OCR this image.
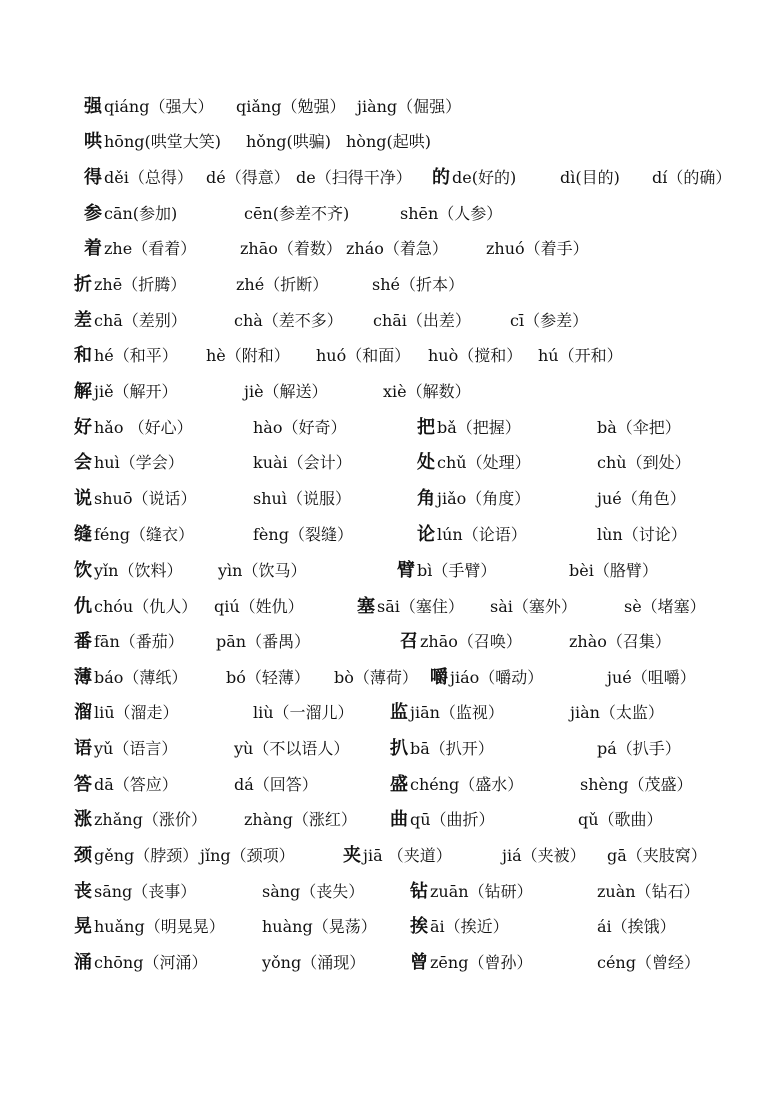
强 qiáng（强大） qiǎng（勉强） jiàng（倔强）
哄 hōng(哄堂大笑) hǒng(哄骗) hòng(起哄)
得 děi（总得） dé（得意） de（扫得干净） 的 de(好的)	dì(目的) dí（的确）
参 cān(参加)	cēn(参差不齐)	shēn（人参）
着 zhe（看着）	zhāo（着数） zháo（着急） zhuó（着手）
折 zhē（折腾）	zhé（折断）	shé（折本）
差 chā（差别）	chà（差不多） chāi（出差） cī（参差）
和 hé（和平） hè（附和） huó（和面） huò（搅和） hú（开和）
解 jiě（解开）	jiè（解送）	xiè（解数）
好 hǎo （好心）	hào（好奇）	把 bǎ（把握）	bà（伞把）
会 huì（学会）	kuài（会计）	处 chǔ（处理）	chù（到处）
说 shuō（说话）	shuì（说服）	角 jiǎo（角度）	jué（角色）
缝 féng（缝衣）	fèng（裂缝）	论 lún（论语）	lùn（讨论）
饮 yǐn（饮料） yìn（饮马）	臂 bì（手臂）	bèi（胳臂）
仇 chóu（仇人） qiú（姓仇）	塞 sāi（塞住） sài（塞外）	sè（堵塞）
番 fān（番茄） pān（番禺）	召 zhāo（召唤）	zhào（召集）
薄 báo（薄纸） bó（轻薄） bò（薄荷） 嚼 jiáo（嚼动）	jué（咀嚼）
溜 liū（溜走）	liù（一溜儿） 监 jiān（监视）	jiàn（太监）
语 yǔ（语言）	yù（不以语人） 扒 bā（扒开）	pá（扒手）
答 dā（答应）	dá（回答）	盛 chéng（盛水）	shèng（茂盛）
涨 zhǎng（涨价） zhàng（涨红） 曲 qū（曲折）	qǔ（歌曲）
颈 gěng（脖颈） jǐng（颈项）	夹 jiā （夹道）	jiá（夹被） gā（夹肢窝）
丧 sāng（丧事）	sàng（丧失）	钻 zuān（钻研）	zuàn（钻石）
晃 huǎng（明晃晃） huàng（晃荡） 挨 āi（挨近）	ái（挨饿）
涌 chōng（河涌）	yǒng（涌现） 曾 zēng（曾孙）	céng（曾经）
